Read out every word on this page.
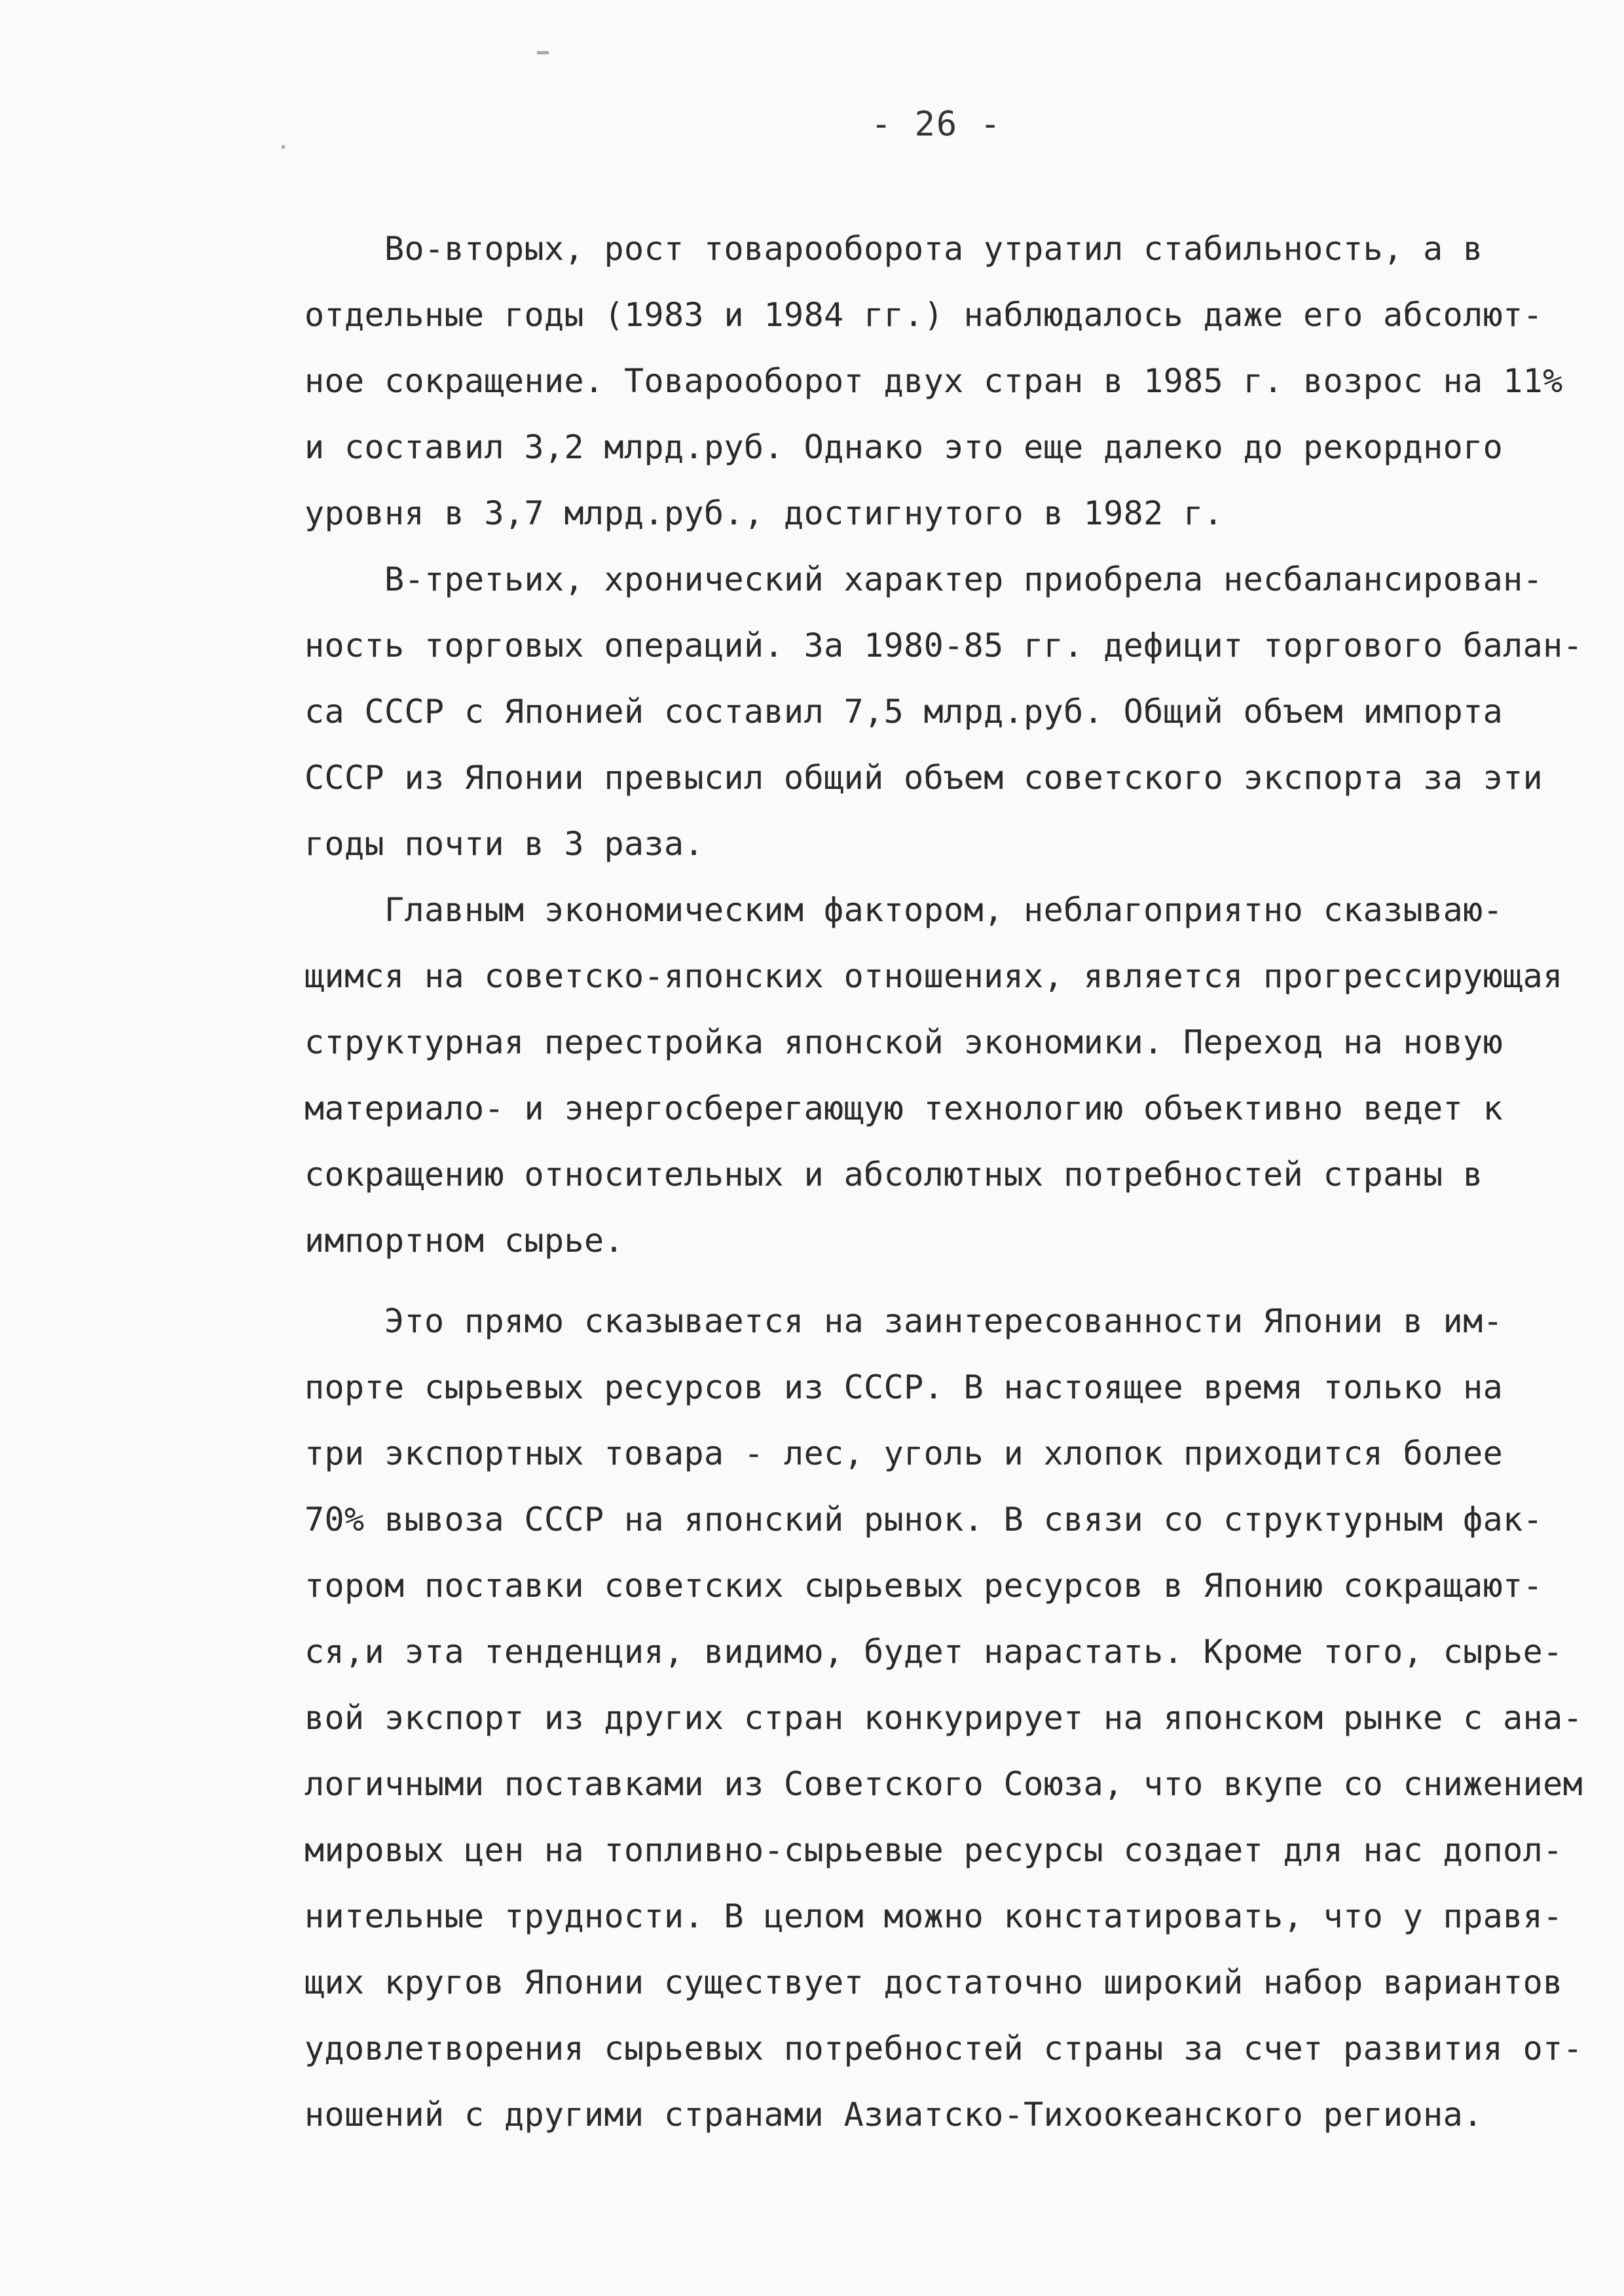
- 26 -
Во-вторых, рост товарооборота утратил стабильность, а в
отдельные годы (1983 и 1984 гг.) наблюдалось даже его абсолют-
ное сокращение. Товарооборот двух стран в 1985 г. возрос на 11%
и составил 3,2 млрд.руб. Однако это еще далеко до рекордного
уровня в 3,7 млрд.руб., достигнутого в 1982 г.
В-третьих, хронический характер приобрела несбалансирован-
ность торговых операций. За 1980-85 гг. дефицит торгового балан-
са СССР с Японией составил 7,5 млрд.руб. Общий объем импорта
СССР из Японии превысил общий объем советского экспорта за эти
годы почти в 3 раза.
Главным экономическим фактором, неблагоприятно сказываю-
щимся на советско-японских отношениях, является прогрессирующая
структурная перестройка японской экономики. Переход на новую
материало- и энергосберегающую технологию объективно ведет к
сокращению относительных и абсолютных потребностей страны в
импортном сырье.
Это прямо сказывается на заинтересованности Японии в им-
порте сырьевых ресурсов из СССР. В настоящее время только на
три экспортных товара - лес, уголь и хлопок приходится более
70% вывоза СССР на японский рынок. В связи со структурным фак-
тором поставки советских сырьевых ресурсов в Японию сокращают-
ся,и эта тенденция, видимо, будет нарастать. Кроме того, сырье-
вой экспорт из других стран конкурирует на японском рынке с ана-
логичными поставками из Советского Союза, что вкупе со снижением
мировых цен на топливно-сырьевые ресурсы создает для нас допол-
нительные трудности. В целом можно констатировать, что у правя-
щих кругов Японии существует достаточно широкий набор вариантов
удовлетворения сырьевых потребностей страны за счет развития от-
ношений с другими странами Азиатско-Тихоокеанского региона.
